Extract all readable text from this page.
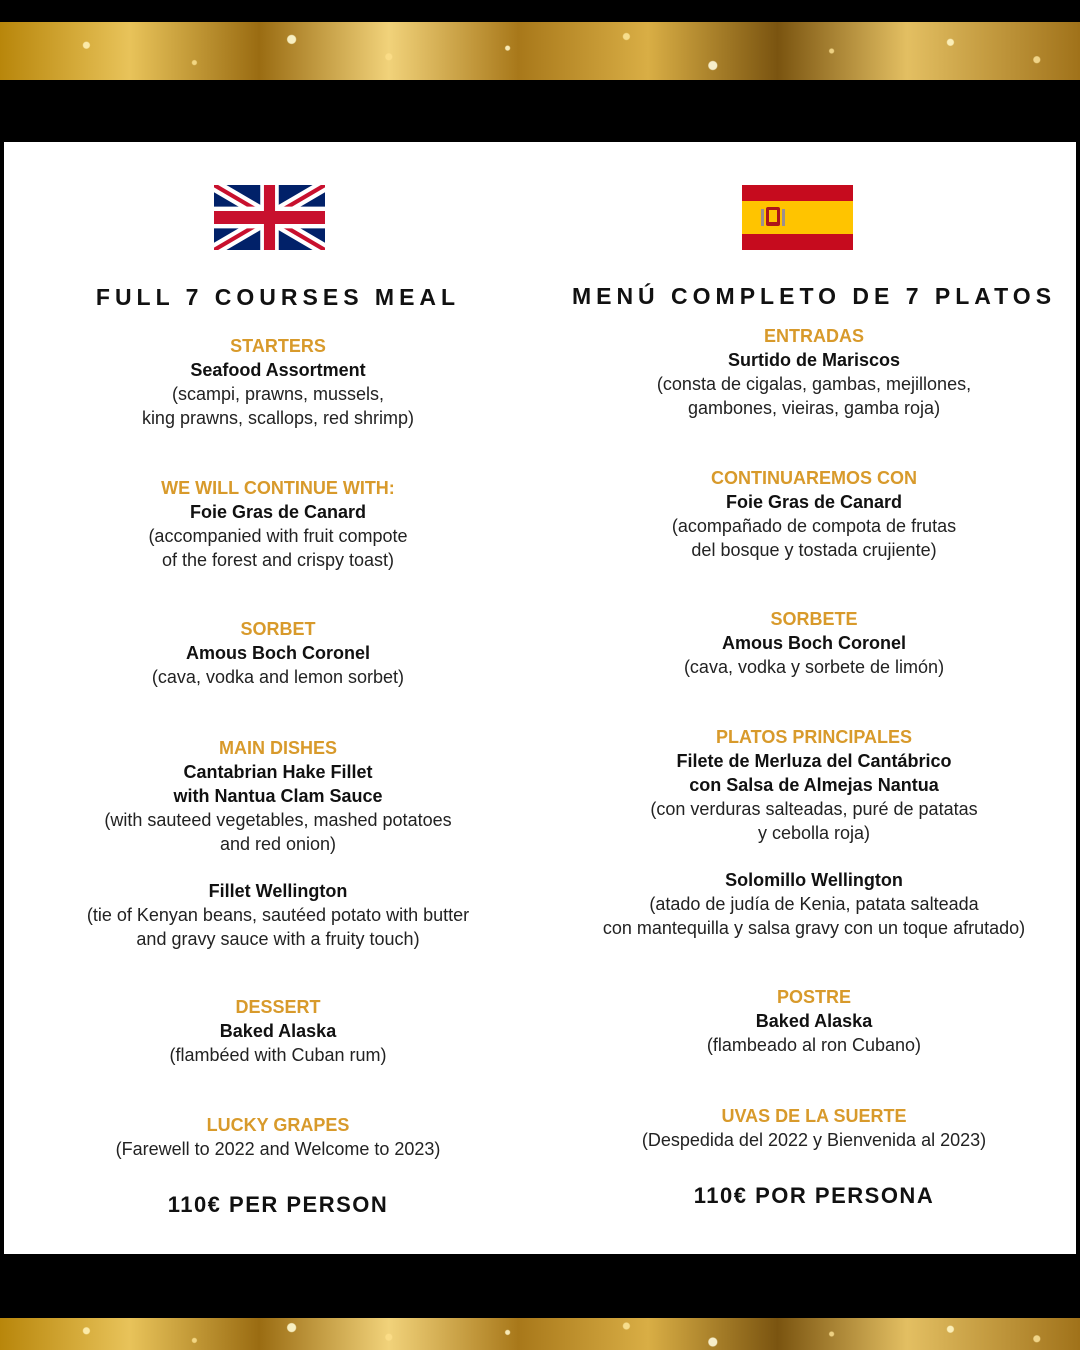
FULL 7 COURSES MEAL
STARTERS
Seafood Assortment
(scampi, prawns, mussels,
king prawns, scallops, red shrimp)
WE WILL CONTINUE WITH:
Foie Gras de Canard
(accompanied with fruit compote
of the forest and crispy toast)
SORBET
Amous Boch Coronel
(cava, vodka and lemon sorbet)
MAIN DISHES
Cantabrian Hake Fillet
with Nantua Clam Sauce
(with sauteed vegetables, mashed potatoes
and red onion)
Fillet Wellington
(tie of Kenyan beans, sautéed potato with butter
and gravy sauce with a fruity touch)
DESSERT
Baked Alaska
(flambéed with Cuban rum)
LUCKY GRAPES
(Farewell to 2022 and Welcome to 2023)
110€ PER PERSON
MENÚ COMPLETO DE 7 PLATOS
ENTRADAS
Surtido de Mariscos
(consta de cigalas, gambas, mejillones,
gambones, vieiras, gamba roja)
CONTINUAREMOS CON
Foie Gras de Canard
(acompañado de compota de frutas
del bosque y tostada crujiente)
SORBETE
Amous Boch Coronel
(cava, vodka y sorbete de limón)
PLATOS PRINCIPALES
Filete de Merluza del Cantábrico
con Salsa de Almejas Nantua
(con verduras salteadas, puré de patatas
y cebolla roja)
Solomillo Wellington
(atado de judía de Kenia, patata salteada
con mantequilla y salsa gravy con un toque afrutado)
POSTRE
Baked Alaska
(flambeado al ron Cubano)
UVAS DE LA SUERTE
(Despedida del 2022 y Bienvenida al 2023)
110€ POR PERSONA
